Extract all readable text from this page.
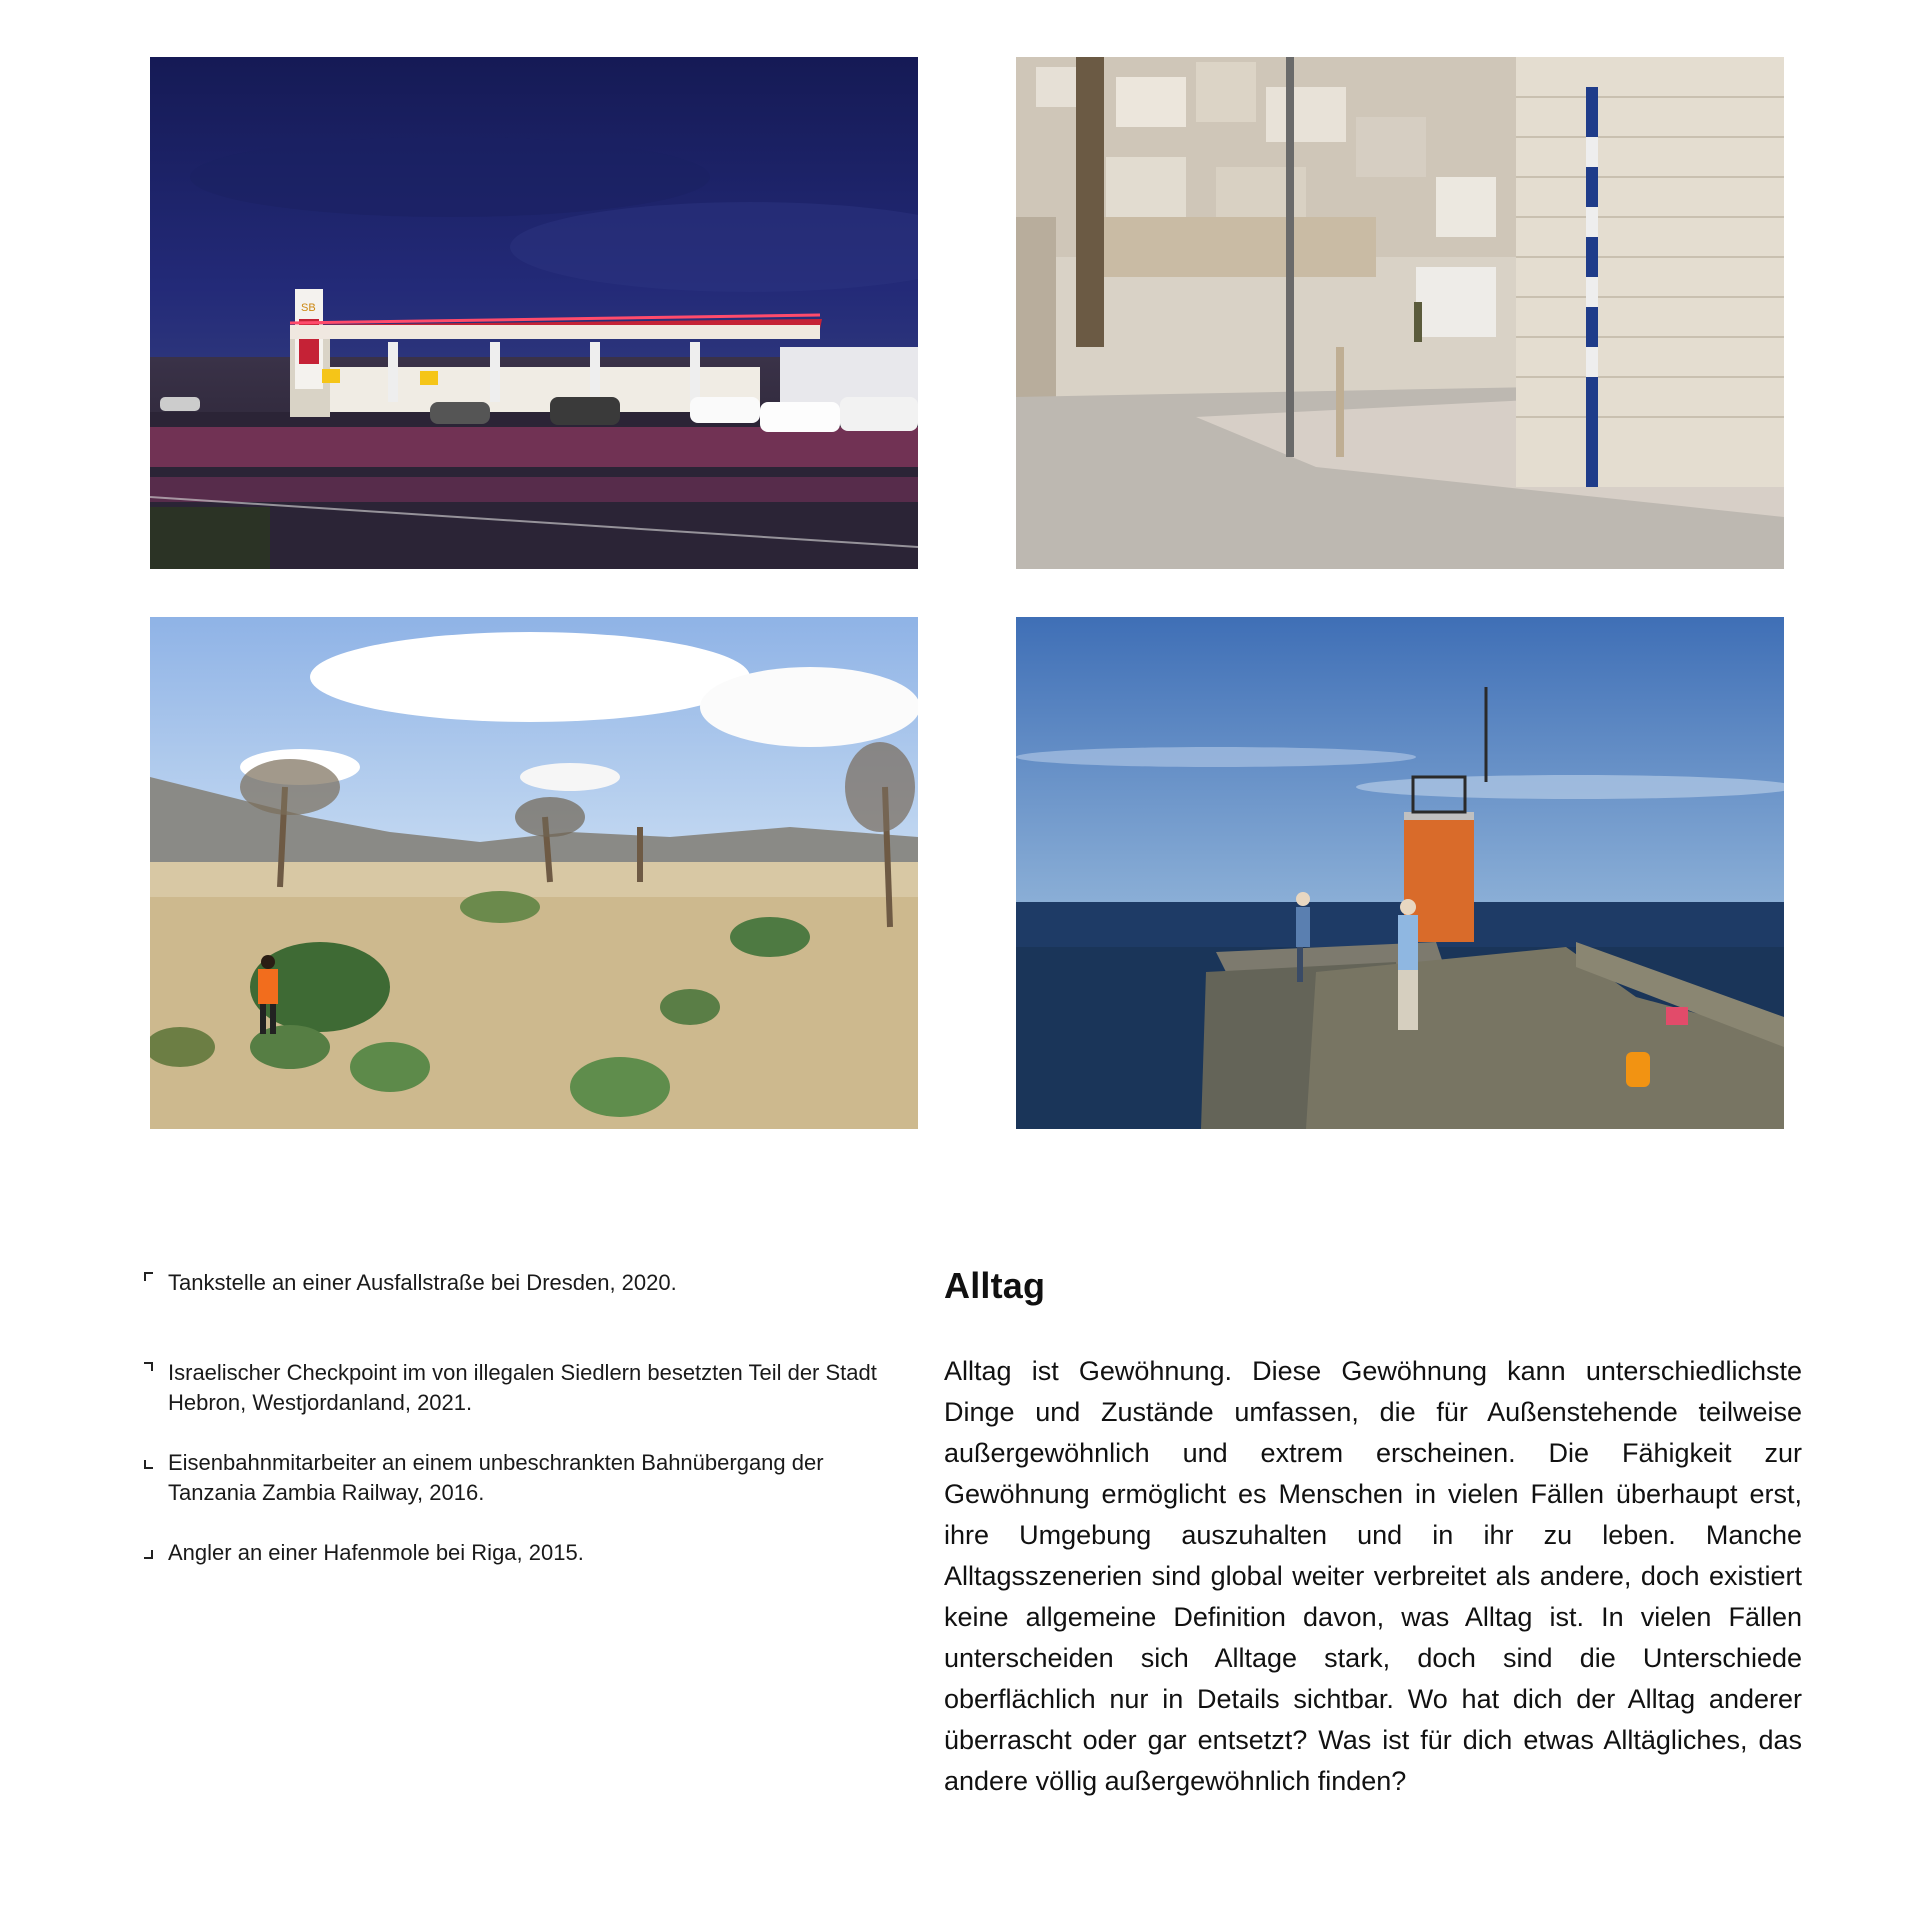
SB
Tankstelle an einer Ausfallstraße bei Dresden, 2020.
Israelischer Checkpoint im von illegalen Siedlern besetzten Teil der Stadt Hebron, Westjordanland, 2021.
Eisenbahnmitarbeiter an einem unbeschrankten Bahnübergang der Tanzania Zambia Railway, 2016.
Angler an einer Hafenmole bei Riga, 2015.
Alltag

Alltag ist Gewöhnung. Diese Gewöhnung kann unterschiedlichste Dinge und Zustände umfassen, die für Außenstehende teilweise außergewöhnlich und extrem erscheinen. Die Fähigkeit zur Gewöhnung ermöglicht es Menschen in vielen Fällen überhaupt erst, ihre Umgebung auszuhalten und in ihr zu leben. Manche Alltagsszenerien sind global weiter verbreitet als andere, doch existiert keine allgemeine Definition davon, was Alltag ist. In vielen Fällen unterscheiden sich Alltage stark, doch sind die Unterschiede oberflächlich nur in Details sichtbar. Wo hat dich der Alltag anderer überrascht oder gar entsetzt? Was ist für dich etwas Alltägliches, das andere völlig außergewöhnlich finden?
